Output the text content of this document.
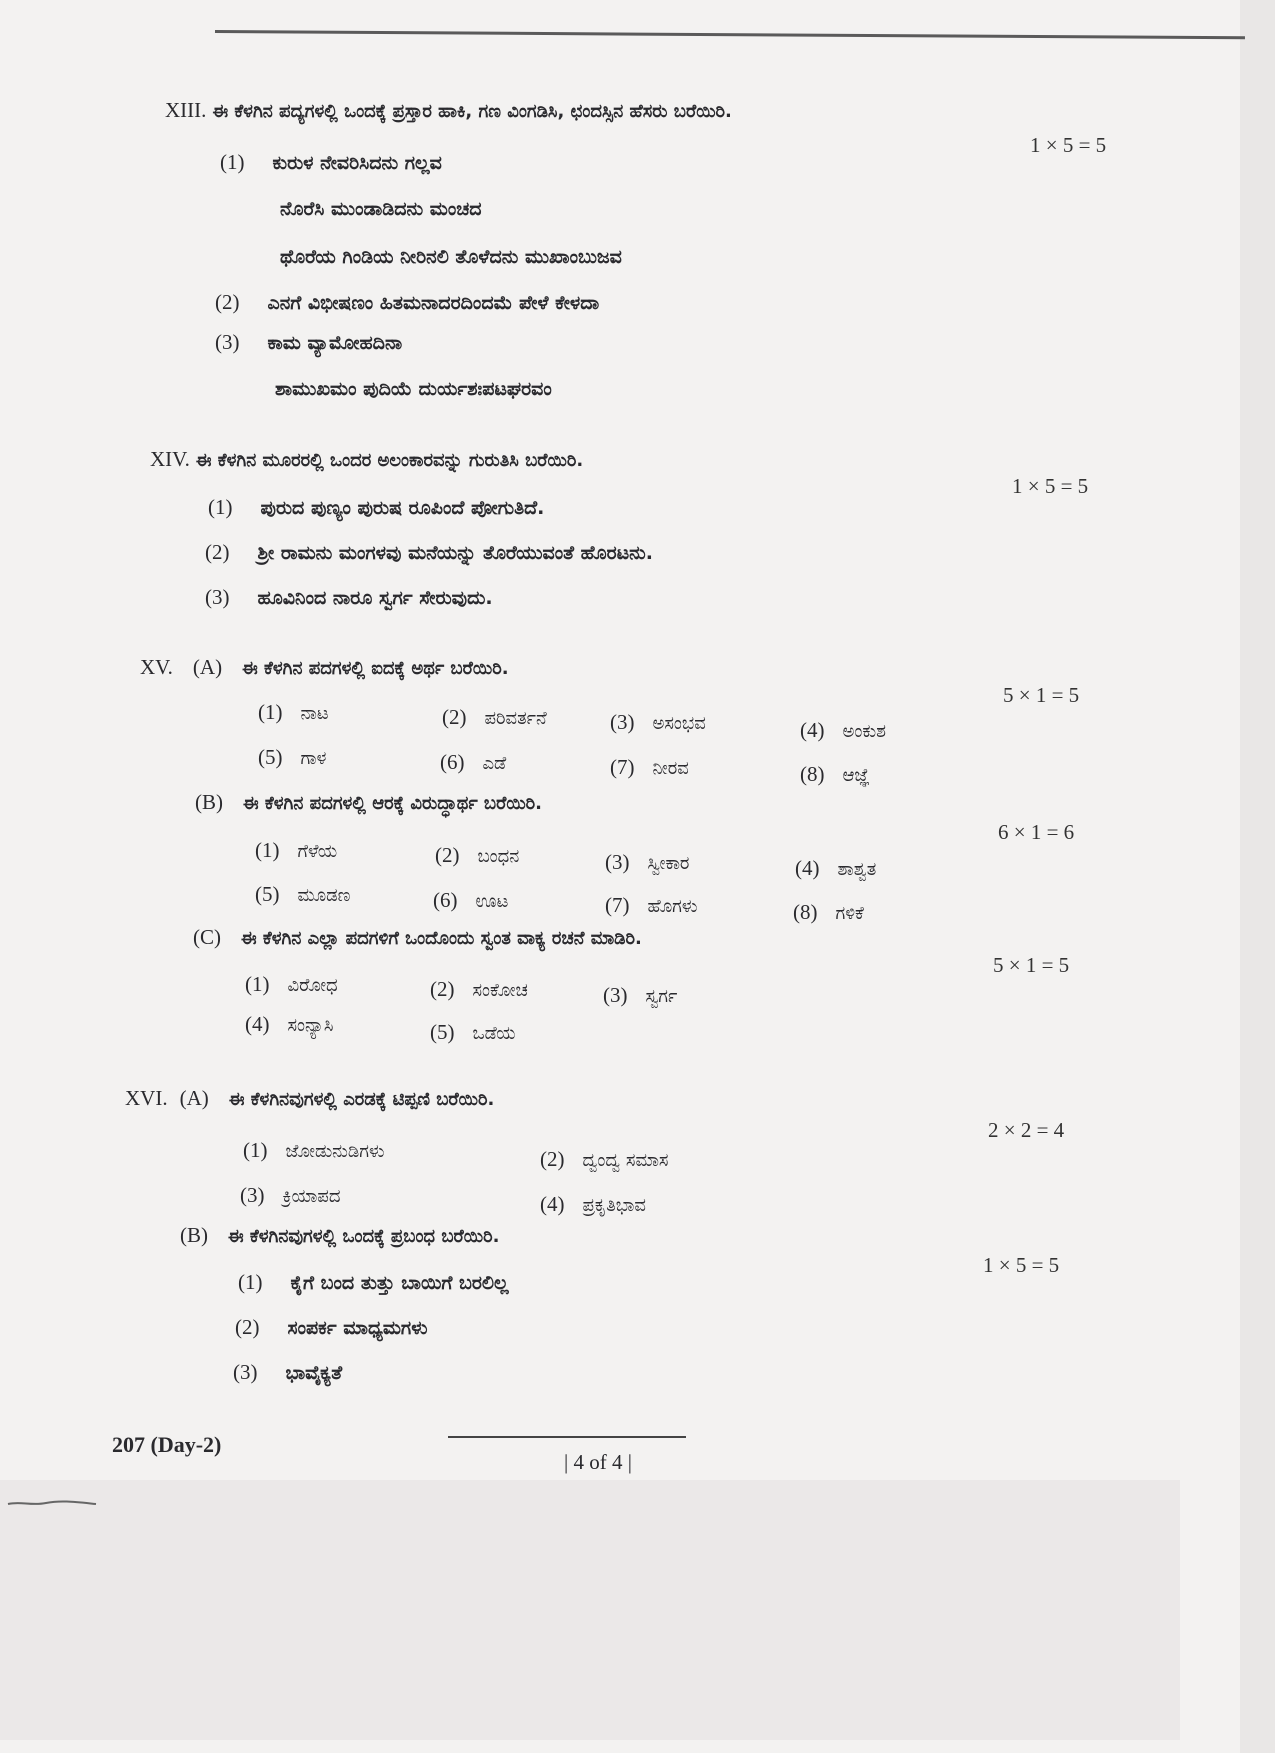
XIII. ಈ ಕೆಳಗಿನ ಪದ್ಯಗಳಲ್ಲಿ ಒಂದಕ್ಕೆ ಪ್ರಸ್ತಾರ ಹಾಕಿ, ಗಣ ವಿಂಗಡಿಸಿ, ಛಂದಸ್ಸಿನ ಹೆಸರು ಬರೆಯಿರಿ.
1 × 5 = 5
(1) ಕುರುಳ ನೇವರಿಸಿದನು ಗಲ್ಲವ
ನೊರೆಸಿ ಮುಂಡಾಡಿದನು ಮಂಚದ
ಥೊರೆಯ ಗಿಂಡಿಯ ನೀರಿನಲಿ ತೊಳೆದನು ಮುಖಾಂಬುಜವ
(2) ಎನಗೆ ವಿಭೀಷಣಂ ಹಿತಮನಾದರದಿಂದಮೆ ಪೇಳೆ ಕೇಳದಾ
(3) ಕಾಮ ವ್ಯಾಮೋಹದಿನಾ
ಶಾಮುಖಮಂ ಪುದಿಯೆ ದುರ್ಯಶಃಪಟಘರವಂ
XIV. ಈ ಕೆಳಗಿನ ಮೂರರಲ್ಲಿ ಒಂದರ ಅಲಂಕಾರವನ್ನು ಗುರುತಿಸಿ ಬರೆಯಿರಿ.
1 × 5 = 5
(1) ಪುರುದ ಪುಣ್ಯಂ ಪುರುಷ ರೂಪಿಂದೆ ಪೋಗುತಿದೆ.
(2) ಶ್ರೀ ರಾಮನು ಮಂಗಳವು ಮನೆಯನ್ನು ತೊರೆಯುವಂತೆ ಹೊರಟನು.
(3) ಹೂವಿನಿಂದ ನಾರೂ ಸ್ವರ್ಗ ಸೇರುವುದು.
XV. (A) ಈ ಕೆಳಗಿನ ಪದಗಳಲ್ಲಿ ಐದಕ್ಕೆ ಅರ್ಥ ಬರೆಯಿರಿ.
5 × 1 = 5
(1) ನಾಟ	(2) ಪರಿವರ್ತನೆ	(3) ಅಸಂಭವ	(4) ಅಂಕುಶ
(5) ಗಾಳ	(6) ಎಡೆ	(7) ನೀರವ	(8) ಆಜ್ಞೆ
(B) ಈ ಕೆಳಗಿನ ಪದಗಳಲ್ಲಿ ಆರಕ್ಕೆ ವಿರುದ್ಧಾರ್ಥ ಬರೆಯಿರಿ.
6 × 1 = 6
(1) ಗೆಳೆಯ	(2) ಬಂಧನ	(3) ಸ್ವೀಕಾರ	(4) ಶಾಶ್ವತ
(5) ಮೂಡಣ	(6) ಊಟ	(7) ಹೊಗಳು	(8) ಗಳಿಕೆ
(C) ಈ ಕೆಳಗಿನ ಎಲ್ಲಾ ಪದಗಳಿಗೆ ಒಂದೊಂದು ಸ್ವಂತ ವಾಕ್ಯ ರಚನೆ ಮಾಡಿರಿ.
5 × 1 = 5
(1) ವಿರೋಧ	(2) ಸಂಕೋಚ	(3) ಸ್ವರ್ಗ
(4) ಸಂನ್ಯಾಸಿ	(5) ಒಡೆಯ
XVI. (A) ಈ ಕೆಳಗಿನವುಗಳಲ್ಲಿ ಎರಡಕ್ಕೆ ಟಿಪ್ಪಣಿ ಬರೆಯಿರಿ.
2 × 2 = 4
(1) ಜೋಡುನುಡಿಗಳು	(2) ದ್ವಂದ್ವ ಸಮಾಸ
(3) ಕ್ರಿಯಾಪದ	(4) ಪ್ರಕೃತಿಭಾವ
(B) ಈ ಕೆಳಗಿನವುಗಳಲ್ಲಿ ಒಂದಕ್ಕೆ ಪ್ರಬಂಧ ಬರೆಯಿರಿ.
1 × 5 = 5
(1) ಕೈಗೆ ಬಂದ ತುತ್ತು ಬಾಯಿಗೆ ಬರಲಿಲ್ಲ
(2) ಸಂಪರ್ಕ ಮಾಧ್ಯಮಗಳು
(3) ಭಾವೈಕ್ಯತೆ
207 (Day-2)
| 4 of 4 |
